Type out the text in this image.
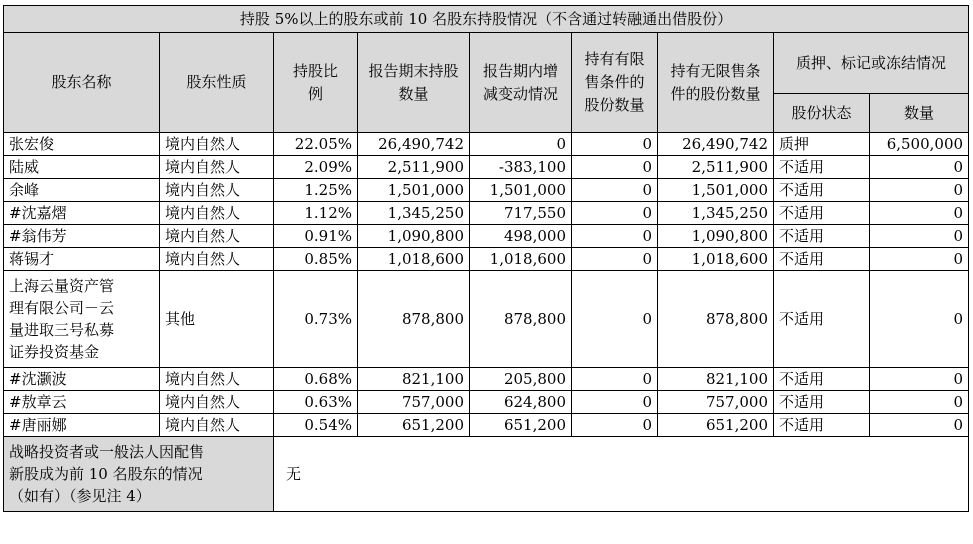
持股 5%以上的股东或前 10 名股东持股情况（不含通过转融通出借股份）								
股东名称	股东性质	持股比例	报告期末持股数量	报告期内增减变动情况	持有有限售条件的股份数量	持有无限售条件的股份数量	质押、标记或冻结情况	
							股份状态	数量
张宏俊	境内自然人	22.05%	26,490,742	0	0	26,490,742	质押	6,500,000
陆威	境内自然人	2.09%	2,511,900	-383,100	0	2,511,900	不适用	0
余峰	境内自然人	1.25%	1,501,000	1,501,000	0	1,501,000	不适用	0
#沈嘉熠	境内自然人	1.12%	1,345,250	717,550	0	1,345,250	不适用	0
#翁伟芳	境内自然人	0.91%	1,090,800	498,000	0	1,090,800	不适用	0
蒋锡才	境内自然人	0.85%	1,018,600	1,018,600	0	1,018,600	不适用	0

上海云量资产管
理有限公司－云
量进取三号私募
证券投资基金	其他	0.73%	878,800	878,800	0	878,800	不适用	0
#沈灏波	境内自然人	0.68%	821,100	205,800	0	821,100	不适用	0
#敖章云	境内自然人	0.63%	757,000	624,800	0	757,000	不适用	0
#唐丽娜	境内自然人	0.54%	651,200	651,200	0	651,200	不适用	0

战略投资者或一般法人因配售
新股成为前 10 名股东的情况
（如有）（参见注 4）		无						
